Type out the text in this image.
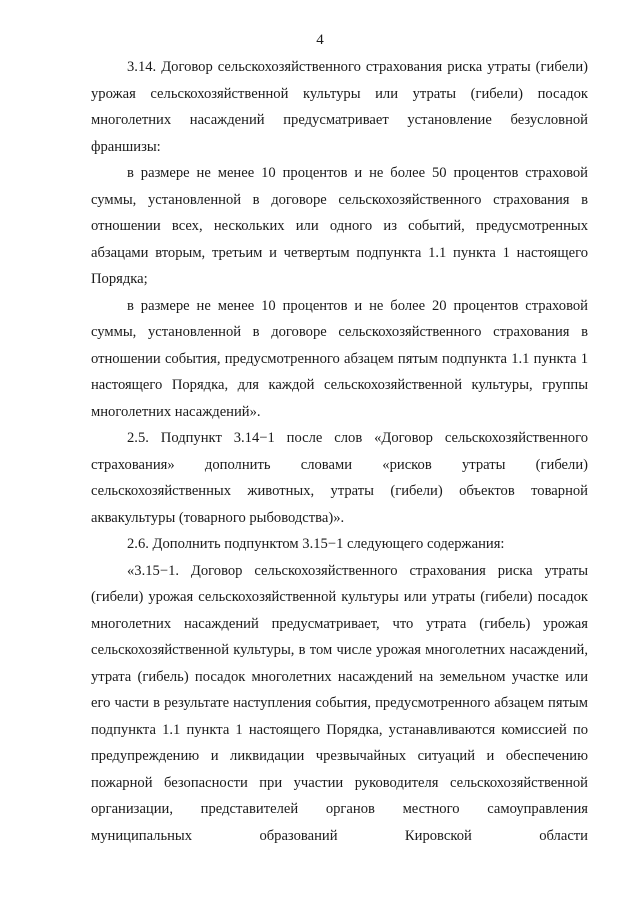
4

3.14. Договор сельскохозяйственного страхования риска утраты (гибели) урожая сельскохозяйственной культуры или утраты (гибели) посадок многолетних насаждений предусматривает установление безусловной франшизы:

в размере не менее 10 процентов и не более 50 процентов страховой суммы, установленной в договоре сельскохозяйственного страхования в отношении всех, нескольких или одного из событий, предусмотренных абзацами вторым, третьим и четвертым подпункта 1.1 пункта 1 настоящего Порядка;

в размере не менее 10 процентов и не более 20 процентов страховой суммы, установленной в договоре сельскохозяйственного страхования в отношении события, предусмотренного абзацем пятым подпункта 1.1 пункта 1 настоящего Порядка, для каждой сельскохозяйственной культуры, группы многолетних насаждений».

2.5. Подпункт 3.14−1 после слов «Договор сельскохозяйственного страхования» дополнить словами «рисков утраты (гибели) сельскохозяйственных животных, утраты (гибели) объектов товарной аквакультуры (товарного рыбоводства)».

2.6. Дополнить подпунктом 3.15−1 следующего содержания:

«3.15−1. Договор сельскохозяйственного страхования риска утраты (гибели) урожая сельскохозяйственной культуры или утраты (гибели) посадок многолетних насаждений предусматривает, что утрата (гибель) урожая сельскохозяйственной культуры, в том числе урожая многолетних насаждений, утрата (гибель) посадок многолетних насаждений на земельном участке или его части в результате наступления события, предусмотренного абзацем пятым подпункта 1.1 пункта 1 настоящего Порядка, устанавливаются комиссией по предупреждению и ликвидации чрезвычайных ситуаций и обеспечению пожарной безопасности при участии руководителя сельскохозяйственной организации, представителей органов местного самоуправления муниципальных образований Кировской области
